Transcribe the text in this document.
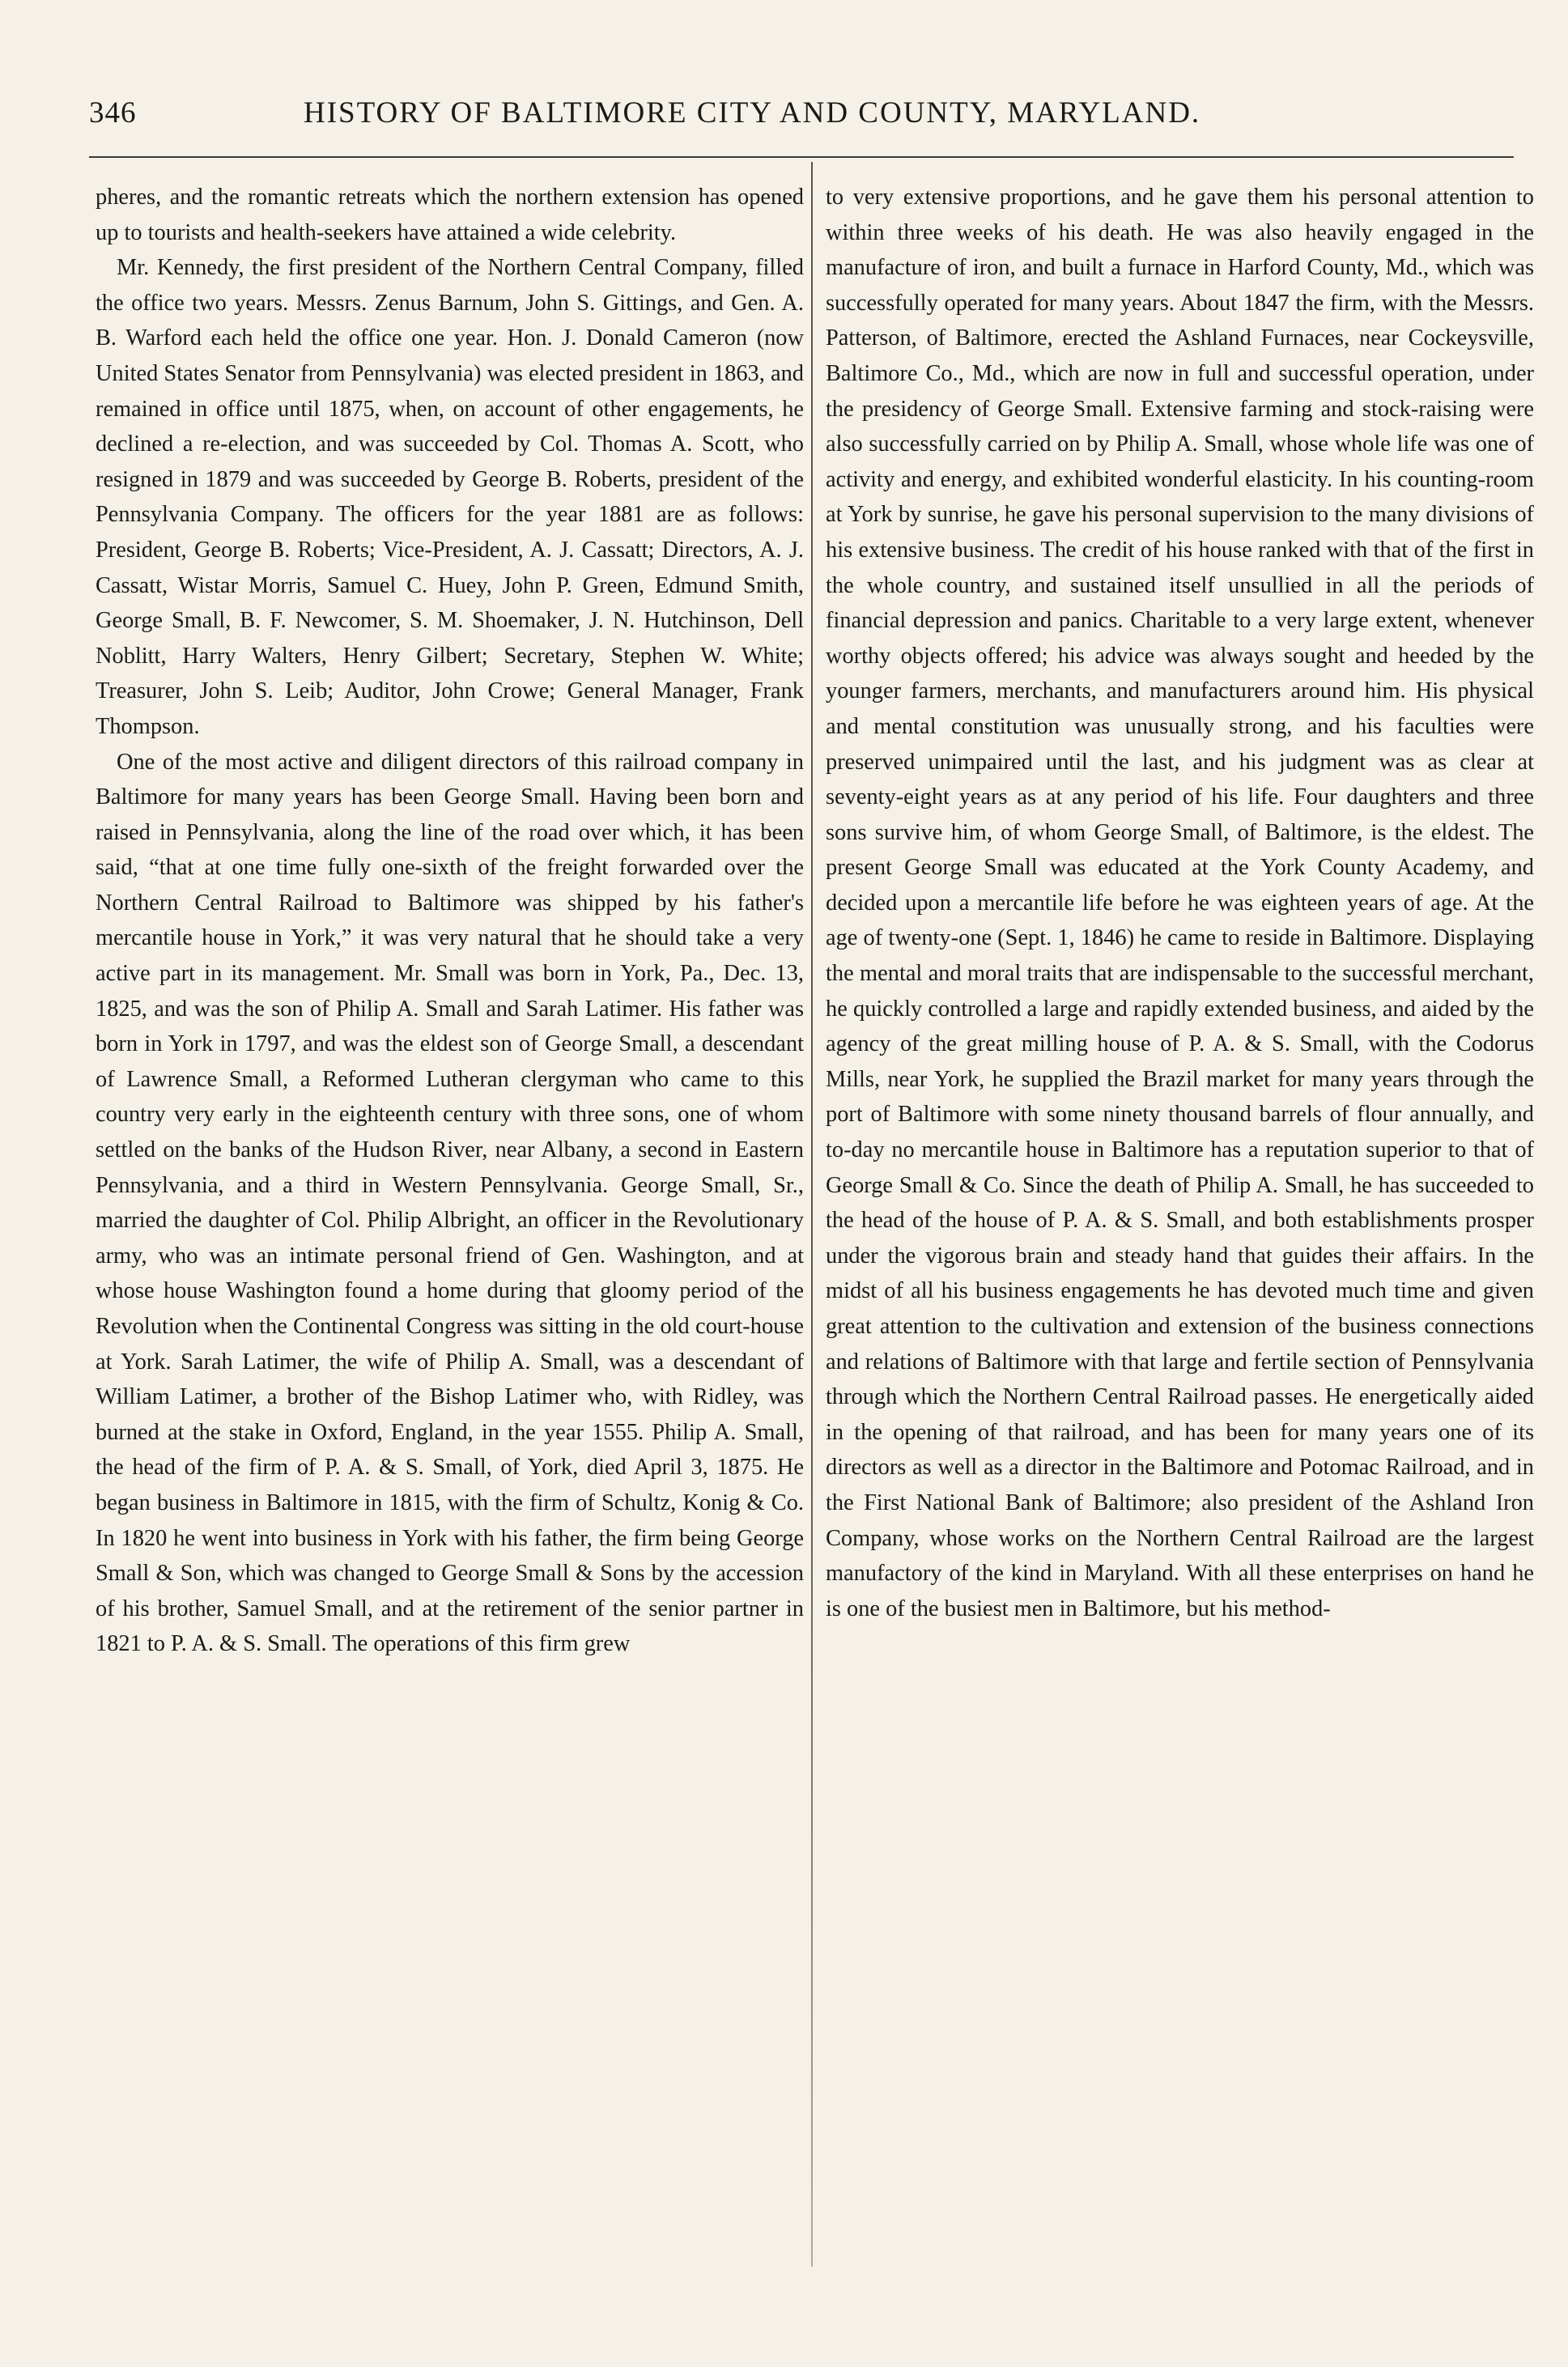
346	HISTORY OF BALTIMORE CITY AND COUNTY, MARYLAND.

pheres, and the romantic retreats which the northern extension has opened up to tourists and health-seekers have attained a wide celebrity.

Mr. Kennedy, the first president of the Northern Central Company, filled the office two years. Messrs. Zenus Barnum, John S. Gittings, and Gen. A. B. Warford each held the office one year. Hon. J. Donald Cameron (now United States Senator from Pennsylvania) was elected president in 1863, and remained in office until 1875, when, on account of other engagements, he declined a re-election, and was succeeded by Col. Thomas A. Scott, who resigned in 1879 and was succeeded by George B. Roberts, president of the Pennsylvania Company. The officers for the year 1881 are as follows: President, George B. Roberts; Vice-President, A. J. Cassatt; Directors, A. J. Cassatt, Wistar Morris, Samuel C. Huey, John P. Green, Edmund Smith, George Small, B. F. Newcomer, S. M. Shoemaker, J. N. Hutchinson, Dell Noblitt, Harry Walters, Henry Gilbert; Secretary, Stephen W. White; Treasurer, John S. Leib; Auditor, John Crowe; General Manager, Frank Thompson.

One of the most active and diligent directors of this railroad company in Baltimore for many years has been George Small. Having been born and raised in Pennsylvania, along the line of the road over which, it has been said, “that at one time fully one-sixth of the freight forwarded over the Northern Central Railroad to Baltimore was shipped by his father's mercantile house in York,” it was very natural that he should take a very active part in its management. Mr. Small was born in York, Pa., Dec. 13, 1825, and was the son of Philip A. Small and Sarah Latimer. His father was born in York in 1797, and was the eldest son of George Small, a descendant of Lawrence Small, a Reformed Lutheran clergyman who came to this country very early in the eighteenth century with three sons, one of whom settled on the banks of the Hudson River, near Albany, a second in Eastern Pennsylvania, and a third in Western Pennsylvania. George Small, Sr., married the daughter of Col. Philip Albright, an officer in the Revolutionary army, who was an intimate personal friend of Gen. Washington, and at whose house Washington found a home during that gloomy period of the Revolution when the Continental Congress was sitting in the old court-house at York. Sarah Latimer, the wife of Philip A. Small, was a descendant of William Latimer, a brother of the Bishop Latimer who, with Ridley, was burned at the stake in Oxford, England, in the year 1555. Philip A. Small, the head of the firm of P. A. & S. Small, of York, died April 3, 1875. He began business in Baltimore in 1815, with the firm of Schultz, Konig & Co. In 1820 he went into business in York with his father, the firm being George Small & Son, which was changed to George Small & Sons by the accession of his brother, Samuel Small, and at the retirement of the senior partner in 1821 to P. A. & S. Small. The operations of this firm grew

to very extensive proportions, and he gave them his personal attention to within three weeks of his death. He was also heavily engaged in the manufacture of iron, and built a furnace in Harford County, Md., which was successfully operated for many years. About 1847 the firm, with the Messrs. Patterson, of Baltimore, erected the Ashland Furnaces, near Cockeysville, Baltimore Co., Md., which are now in full and successful operation, under the presidency of George Small. Extensive farming and stock-raising were also successfully carried on by Philip A. Small, whose whole life was one of activity and energy, and exhibited wonderful elasticity. In his counting-room at York by sunrise, he gave his personal supervision to the many divisions of his extensive business. The credit of his house ranked with that of the first in the whole country, and sustained itself unsullied in all the periods of financial depression and panics. Charitable to a very large extent, whenever worthy objects offered; his advice was always sought and heeded by the younger farmers, merchants, and manufacturers around him. His physical and mental constitution was unusually strong, and his faculties were preserved unimpaired until the last, and his judgment was as clear at seventy-eight years as at any period of his life. Four daughters and three sons survive him, of whom George Small, of Baltimore, is the eldest. The present George Small was educated at the York County Academy, and decided upon a mercantile life before he was eighteen years of age. At the age of twenty-one (Sept. 1, 1846) he came to reside in Baltimore. Displaying the mental and moral traits that are indispensable to the successful merchant, he quickly controlled a large and rapidly extended business, and aided by the agency of the great milling house of P. A. & S. Small, with the Codorus Mills, near York, he supplied the Brazil market for many years through the port of Baltimore with some ninety thousand barrels of flour annually, and to-day no mercantile house in Baltimore has a reputation superior to that of George Small & Co. Since the death of Philip A. Small, he has succeeded to the head of the house of P. A. & S. Small, and both establishments prosper under the vigorous brain and steady hand that guides their affairs. In the midst of all his business engagements he has devoted much time and given great attention to the cultivation and extension of the business connections and relations of Baltimore with that large and fertile section of Pennsylvania through which the Northern Central Railroad passes. He energetically aided in the opening of that railroad, and has been for many years one of its directors as well as a director in the Baltimore and Potomac Railroad, and in the First National Bank of Baltimore; also president of the Ashland Iron Company, whose works on the Northern Central Railroad are the largest manufactory of the kind in Maryland. With all these enterprises on hand he is one of the busiest men in Baltimore, but his method-
